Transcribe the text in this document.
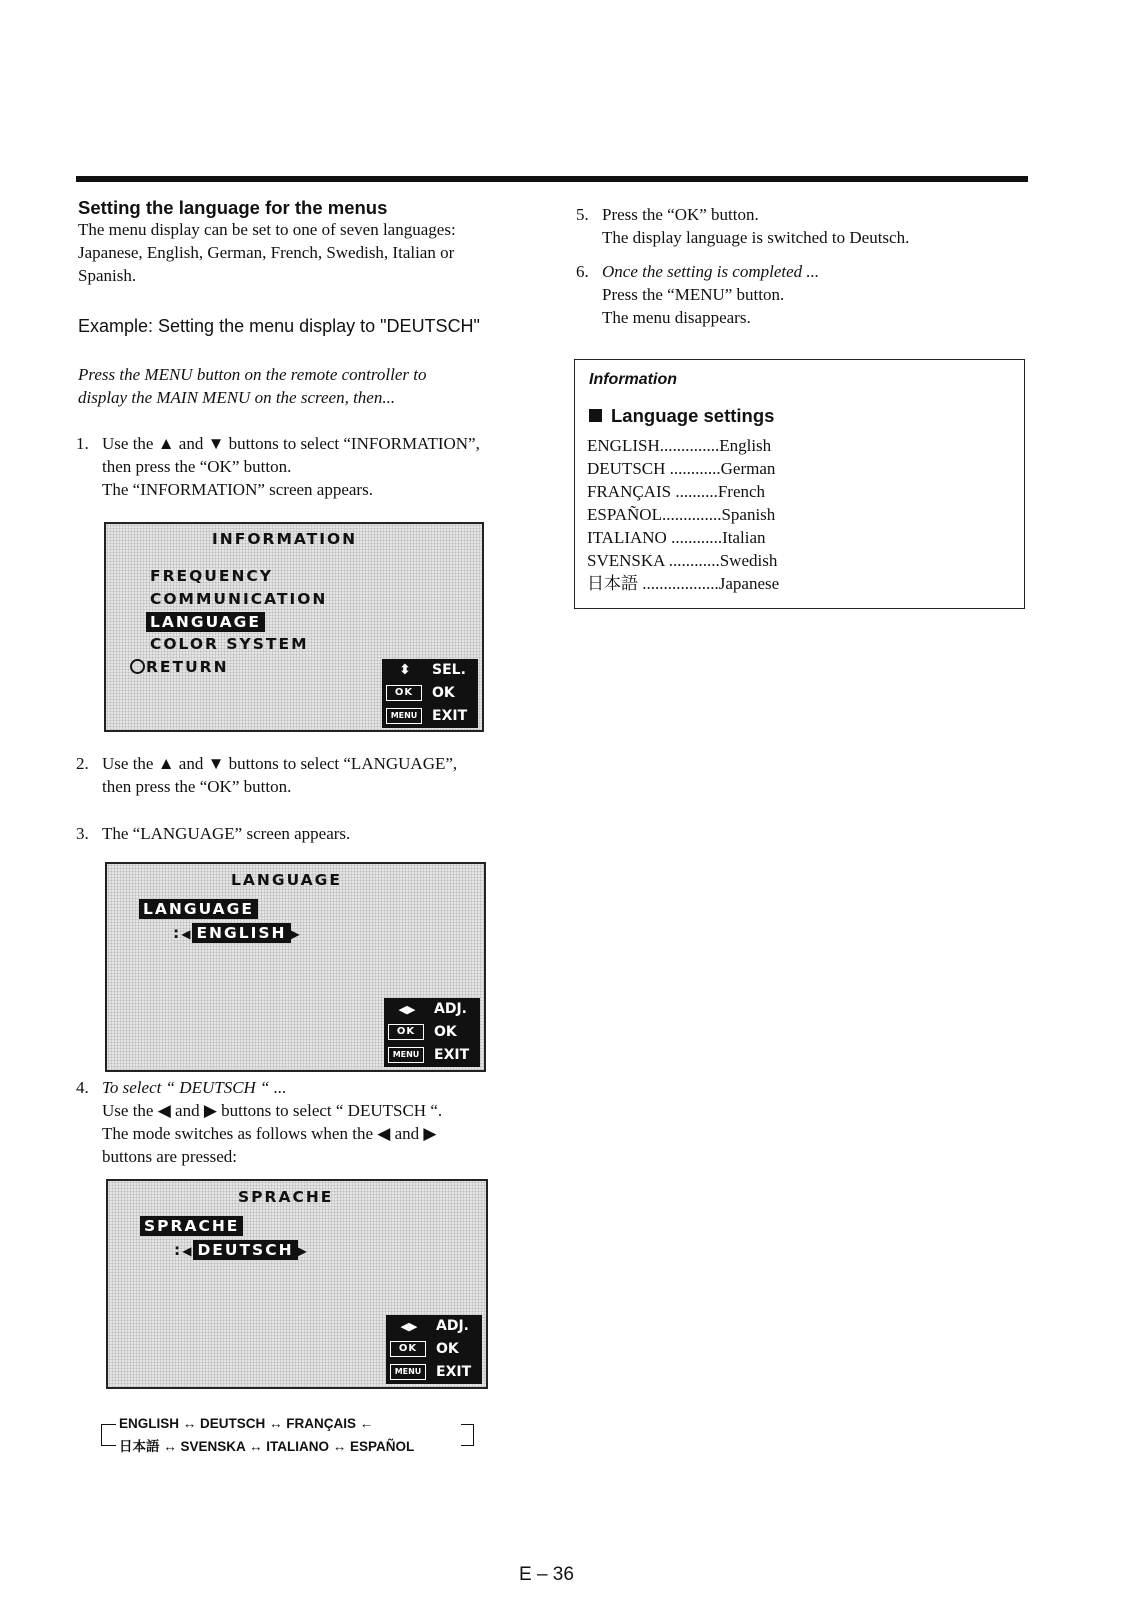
Setting the language for the menus
The menu display can be set to one of seven languages:
Japanese, English, German, French, Swedish, Italian or
Spanish.
Example: Setting the menu display to "DEUTSCH"
Press the MENU button on the remote controller to
display the MAIN MENU on the screen, then...
1. Use the ▲ and ▼ buttons to select “INFORMATION”,
then press the “OK” button.
The “INFORMATION” screen appears.
INFORMATION
FREQUENCY
COMMUNICATION
LANGUAGE
COLOR SYSTEM
RETURN	⬍	SEL.
OK	OK
MENU	EXIT
2. Use the ▲ and ▼ buttons to select “LANGUAGE”,
then press the “OK” button.
3. The “LANGUAGE” screen appears.
LANGUAGE
LANGUAGE
:◀ ENGLISH ▶
◀▶	ADJ.
OK	OK
MENU	EXIT
4. To select “ DEUTSCH “ ...
Use the ◀ and ▶ buttons to select “ DEUTSCH “.
The mode switches as follows when the ◀ and ▶
buttons are pressed:
SPRACHE
SPRACHE
:◀ DEUTSCH ▶
◀▶	ADJ.
OK	OK
MENU	EXIT
ENGLISH ↔ DEUTSCH ↔ FRANÇAIS ←
日本語 ↔ SVENSKA ↔ ITALIANO ↔ ESPAÑOL
5. Press the “OK” button.
The display language is switched to Deutsch.
6. Once the setting is completed ...
Press the “MENU” button.
The menu disappears.
Information
Language settings
ENGLISH..............English
DEUTSCH ............German
FRANÇAIS ..........French
ESPAÑOL..............Spanish
ITALIANO ............Italian
SVENSKA ............Swedish
日本語 ..................Japanese
E – 36
